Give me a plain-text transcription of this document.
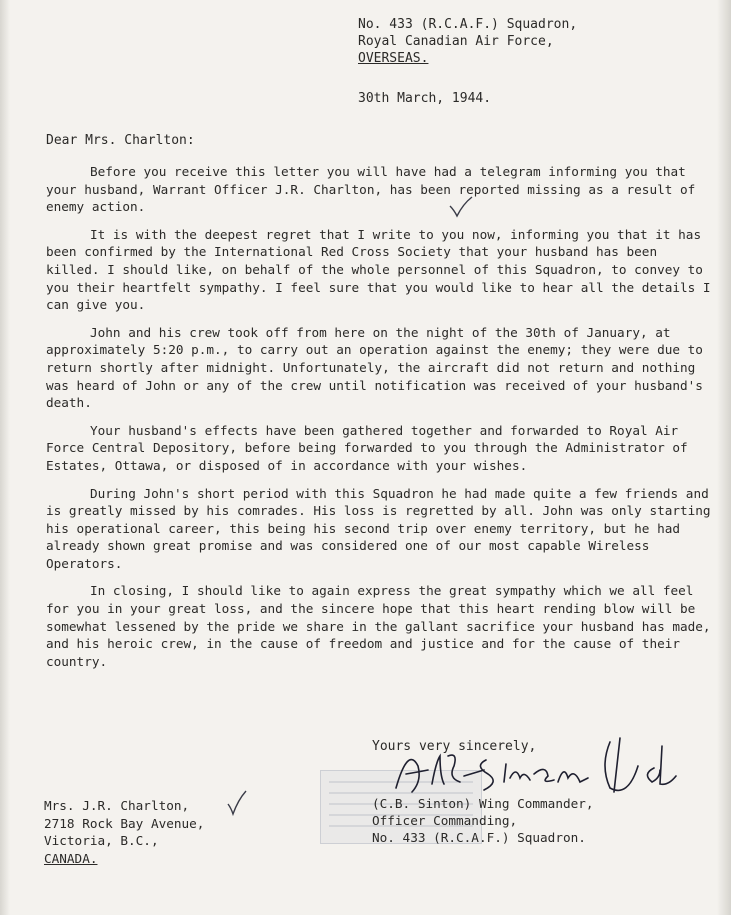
No. 433 (R.C.A.F.) Squadron,
Royal Canadian Air Force,
OVERSEAS.
30th March, 1944.
Dear Mrs. Charlton:

Before you receive this letter you will have had a telegram informing you that your husband, Warrant Officer J.R. Charlton, has been reported missing as a result of enemy action.

It is with the deepest regret that I write to you now, informing you that it has been confirmed by the International Red Cross Society that your husband has been killed. I should like, on behalf of the whole personnel of this Squadron, to convey to you their heartfelt sympathy. I feel sure that you would like to hear all the details I can give you.

John and his crew took off from here on the night of the 30th of January, at approximately 5:20 p.m., to carry out an operation against the enemy; they were due to return shortly after midnight. Unfortunately, the aircraft did not return and nothing was heard of John or any of the crew until notification was received of your husband's death.

Your husband's effects have been gathered together and forwarded to Royal Air Force Central Depository, before being forwarded to you through the Administrator of Estates, Ottawa, or disposed of in accordance with your wishes.

During John's short period with this Squadron he had made quite a few friends and is greatly missed by his comrades. His loss is regretted by all. John was only starting his operational career, this being his second trip over enemy territory, but he had already shown great promise and was considered one of our most capable Wireless Operators.

In closing, I should like to again express the great sympathy which we all feel for you in your great loss, and the sincere hope that this heart rending blow will be somewhat lessened by the pride we share in the gallant sacrifice your husband has made, and his heroic crew, in the cause of freedom and justice and for the cause of their country.

Yours very sincerely,
(C.B. Sinton) Wing Commander,
Officer Commanding,
No. 433 (R.C.A.F.) Squadron.
Mrs. J.R. Charlton,
2718 Rock Bay Avenue,
Victoria, B.C.,
CANADA.
